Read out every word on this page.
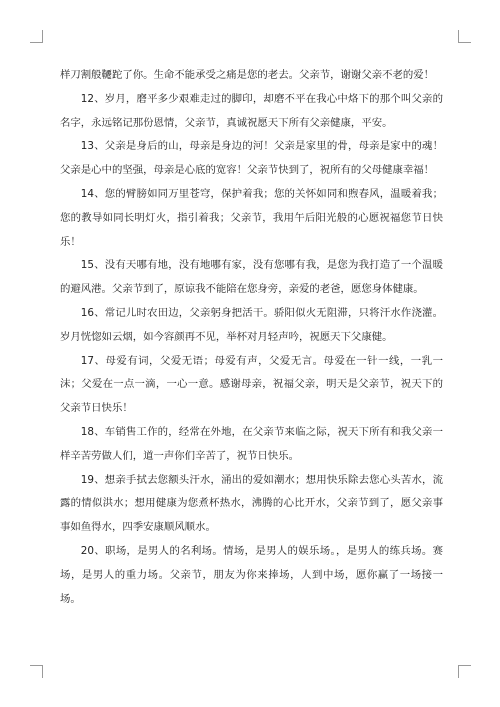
样刀割般韆跎了你。生命不能承受之痛是您的老去。父亲节，谢谢父亲不老的爱！

12、岁月，磨平多少艰难走过的脚印，却磨不平在我心中烙下的那个叫父亲的名字，永远铭记那份恩情，父亲节，真诚祝愿天下所有父亲健康，平安。

13、父亲是身后的山，母亲是身边的河！父亲是家里的骨，母亲是家中的魂！父亲是心中的坚强，母亲是心底的宽容！父亲节快到了，祝所有的父母健康幸福！

14、您的臂膀如同万里苍穹，保护着我；您的关怀如同和煦春风，温暖着我；您的教导如同长明灯火，指引着我；父亲节，我用午后阳光般的心愿祝福您节日快乐！

15、没有天哪有地，没有地哪有家，没有您哪有我，是您为我打造了一个温暖的避风港。父亲节到了，原谅我不能陪在您身旁，亲爱的老爸，愿您身体健康。

16、常记儿时农田边，父亲躬身把活干。骄阳似火无阻滞，只将汗水作浇灌。岁月恍惚如云烟，如今容颜再不见，举杯对月轻声吟，祝愿天下父康健。

17、母爱有词，父爱无语；母爱有声，父爱无言。母爱在一针一线，一乳一沫；父爱在一点一滴，一心一意。感谢母亲，祝福父亲，明天是父亲节，祝天下的父亲节日快乐！

18、车销售工作的，经常在外地，在父亲节来临之际，祝天下所有和我父亲一样辛苦劳做人们，道一声你们辛苦了，祝节日快乐。

19、想亲手拭去您额头汗水，涌出的爱如潮水；想用快乐除去您心头苦水，流露的情似洪水；想用健康为您煮杯热水，沸腾的心比开水，父亲节到了，愿父亲事事如鱼得水，四季安康顺风顺水。

20、职场，是男人的名利场。情场，是男人的娱乐场。，是男人的练兵场。赛场，是男人的重力场。父亲节，朋友为你来捧场，人到中场，愿你赢了一场接一场。
